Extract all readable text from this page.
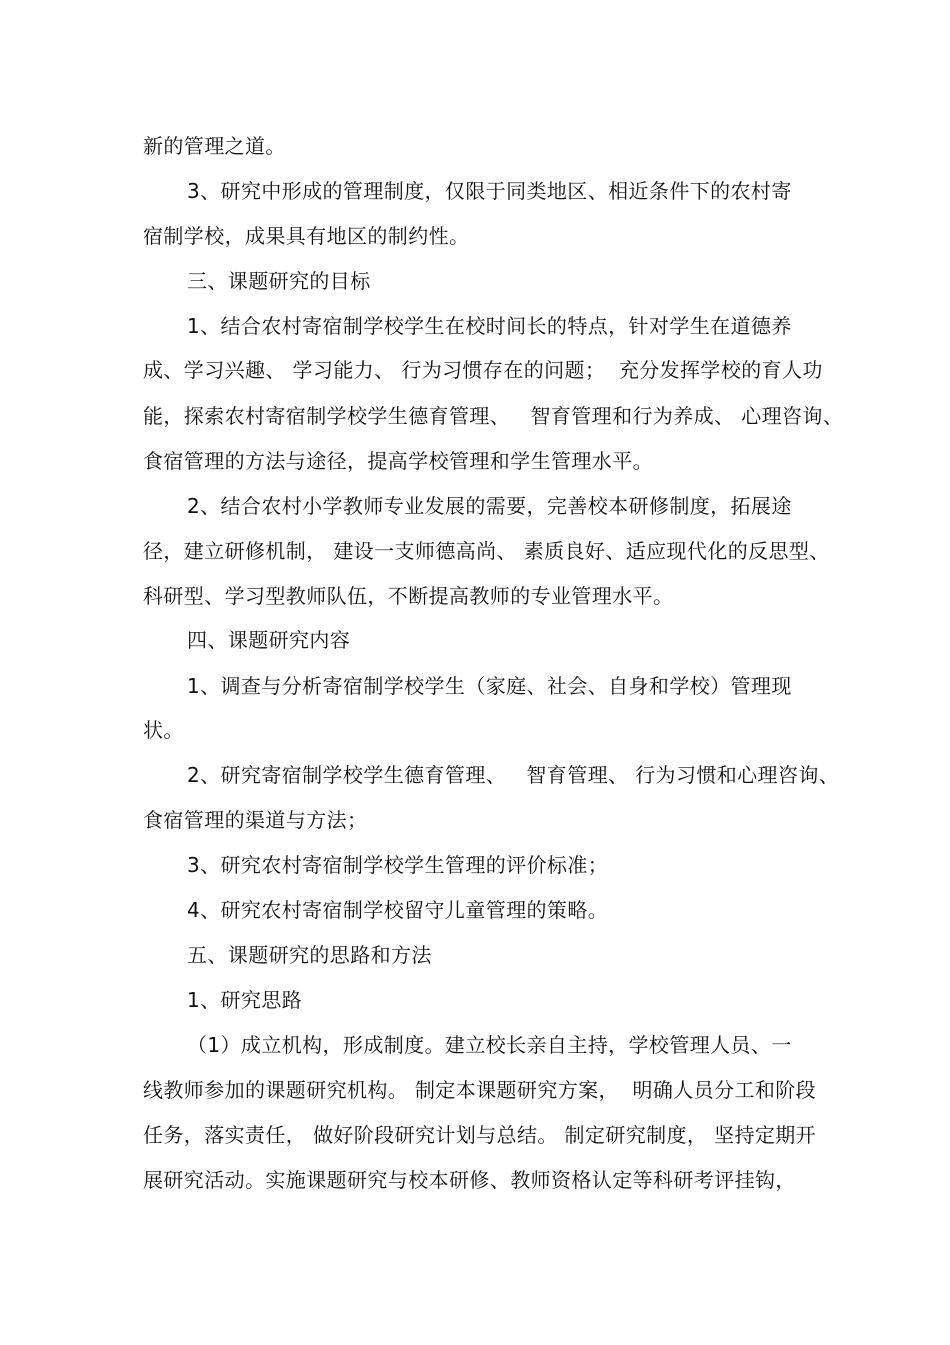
新的管理之道。
3、研究中形成的管理制度，仅限于同类地区、相近条件下的农村寄
宿制学校，成果具有地区的制约性。
三、课题研究的目标
1、结合农村寄宿制学校学生在校时间长的特点，针对学生在道德养
成、学习兴趣、 学习能力、 行为习惯存在的问题；  充分发挥学校的育人功
能，探索农村寄宿制学校学生德育管理、   智育管理和行为养成、 心理咨询、
食宿管理的方法与途径，提高学校管理和学生管理水平。
2、结合农村小学教师专业发展的需要，完善校本研修制度，拓展途
径，建立研修机制， 建设一支师德高尚、 素质良好、适应现代化的反思型、
科研型、学习型教师队伍，不断提高教师的专业管理水平。
四、课题研究内容
1、调查与分析寄宿制学校学生（家庭、社会、自身和学校）管理现
状。
2、研究寄宿制学校学生德育管理、   智育管理、 行为习惯和心理咨询、
食宿管理的渠道与方法；
3、研究农村寄宿制学校学生管理的评价标准；
4、研究农村寄宿制学校留守儿童管理的策略。
五、课题研究的思路和方法
1、研究思路
（1）成立机构，形成制度。建立校长亲自主持，学校管理人员、一
线教师参加的课题研究机构。 制定本课题研究方案，  明确人员分工和阶段
任务，落实责任， 做好阶段研究计划与总结。 制定研究制度， 坚持定期开
展研究活动。实施课题研究与校本研修、教师资格认定等科研考评挂钩，
